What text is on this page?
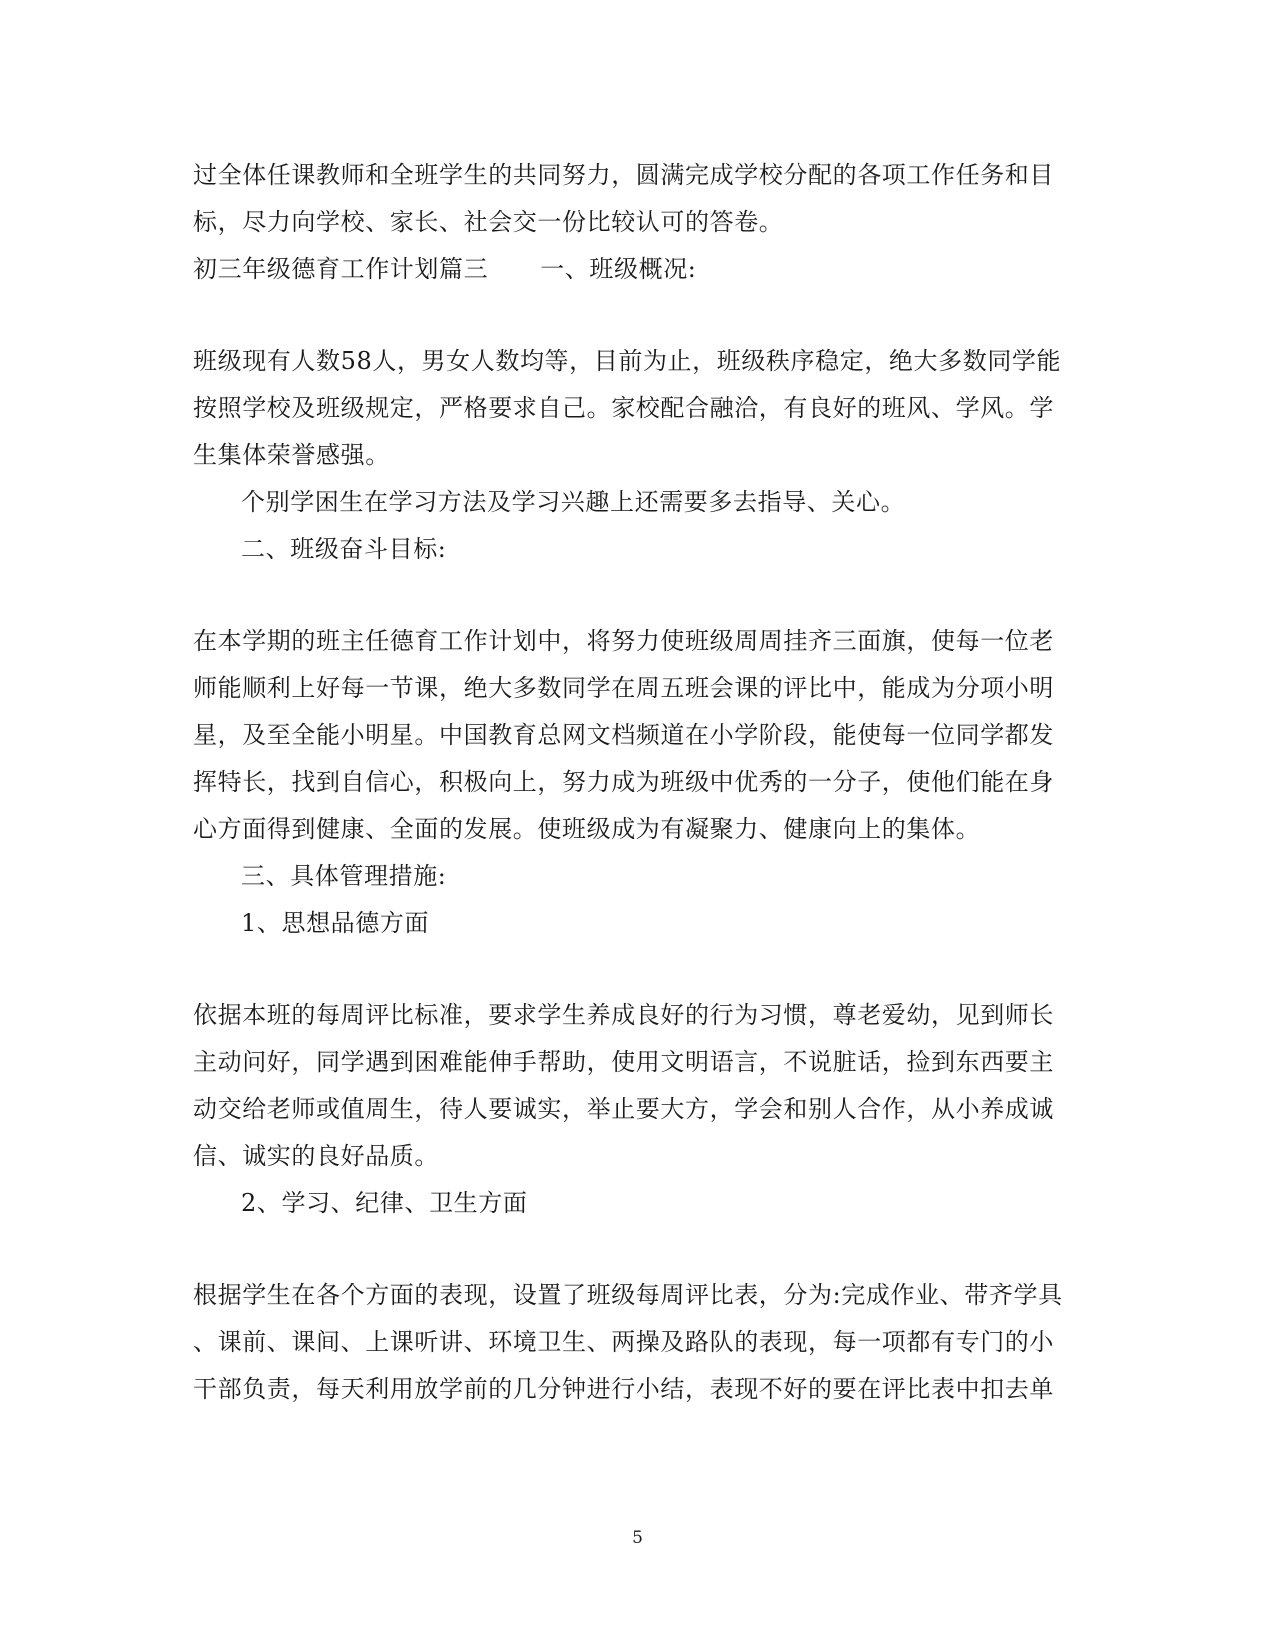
过全体任课教师和全班学生的共同努力，圆满完成学校分配的各项工作任务和目
标，尽力向学校、家长、社会交一份比较认可的答卷。
初三年级德育工作计划篇三 一、班级概况:
班级现有人数58人，男女人数均等，目前为止，班级秩序稳定，绝大多数同学能
按照学校及班级规定，严格要求自己。家校配合融洽，有良好的班风、学风。学
生集体荣誉感强。
个别学困生在学习方法及学习兴趣上还需要多去指导、关心。
二、班级奋斗目标:
在本学期的班主任德育工作计划中，将努力使班级周周挂齐三面旗，使每一位老
师能顺利上好每一节课，绝大多数同学在周五班会课的评比中，能成为分项小明
星，及至全能小明星。中国教育总网文档频道在小学阶段，能使每一位同学都发
挥特长，找到自信心，积极向上，努力成为班级中优秀的一分子，使他们能在身
心方面得到健康、全面的发展。使班级成为有凝聚力、健康向上的集体。
三、具体管理措施:
1、思想品德方面
依据本班的每周评比标准，要求学生养成良好的行为习惯，尊老爱幼，见到师长
主动问好，同学遇到困难能伸手帮助，使用文明语言，不说脏话，捡到东西要主
动交给老师或值周生，待人要诚实，举止要大方，学会和别人合作，从小养成诚
信、诚实的良好品质。
2、学习、纪律、卫生方面
根据学生在各个方面的表现，设置了班级每周评比表，分为:完成作业、带齐学具
、课前、课间、上课听讲、环境卫生、两操及路队的表现，每一项都有专门的小
干部负责，每天利用放学前的几分钟进行小结，表现不好的要在评比表中扣去单
5
